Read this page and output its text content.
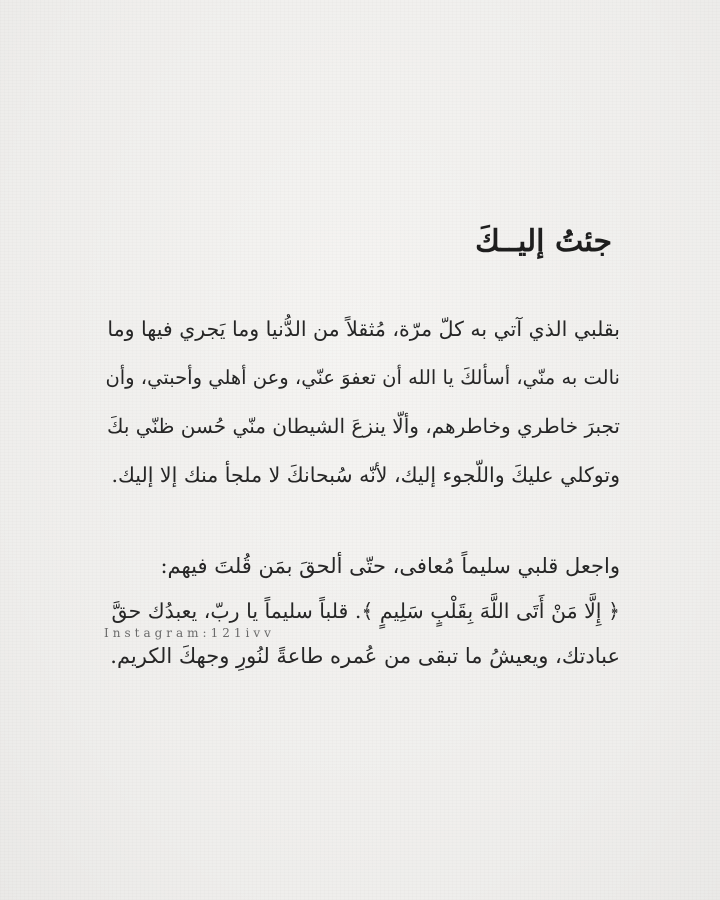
جئتُ إليــكَ

بقلبي الذي آتي به كلّ مرّة، مُثقلاً من الدُّنيا وما يَجري فيها وما
نالت به منّي، أسألكَ يا الله أن تعفوَ عنّي، وعن أهلي وأحبتي، وأن
تجبرَ خاطري وخاطرهم، وألّا ينزعَ الشيطان منّي حُسن ظنّي بكَ
وتوكلي عليكَ واللّجوء إليك، لأنّه سُبحانكَ لا ملجأ منك إلا إليك.

واجعل قلبي سليماً مُعافى، حتّى ألحقَ بمَن قُلتَ فيهم:
﴿ إِلَّا مَنْ أَتَى اللَّهَ بِقَلْبٍ سَلِيمٍ ﴾. قلباً سليماً يا ربّ، يعبدُك حقَّ
عبادتك، ويعيشُ ما تبقى من عُمره طاعةً لنُورِ وجهكَ الكريم.

Instagram:121ivv
